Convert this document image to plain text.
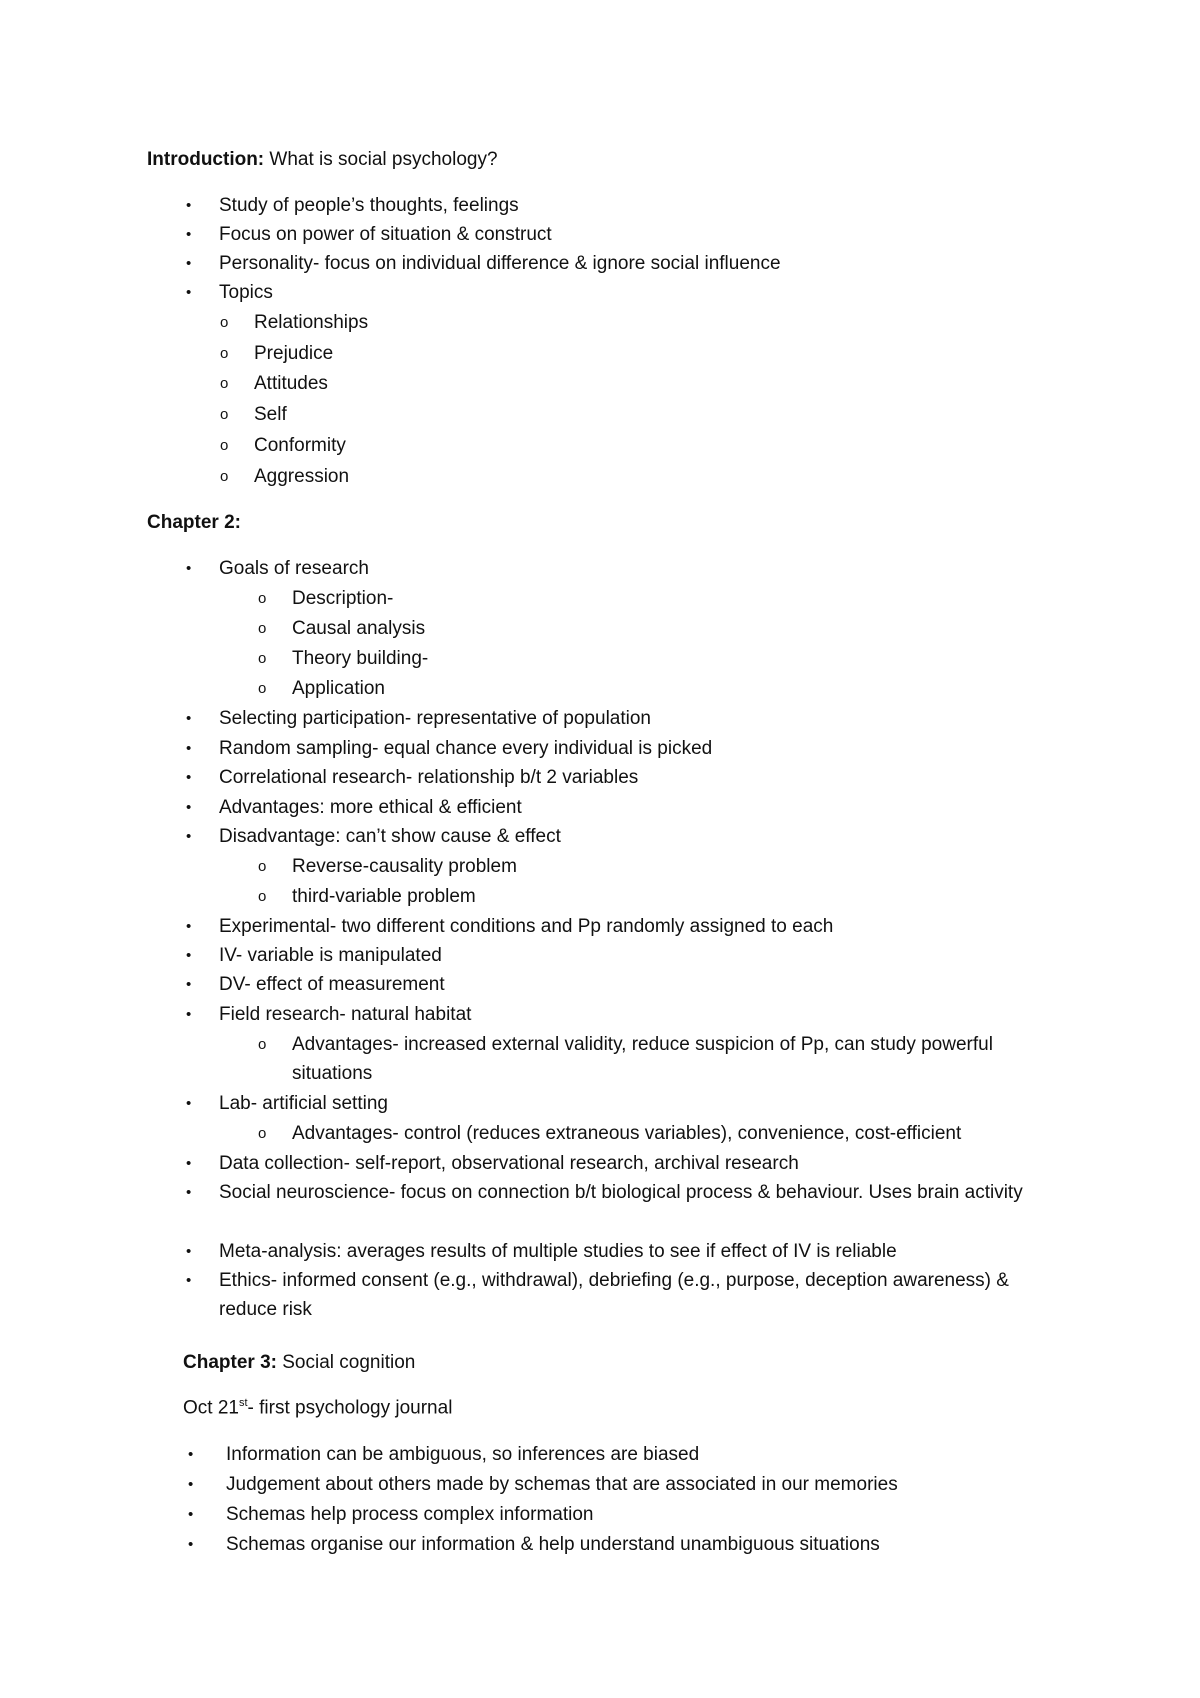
Introduction: What is social psychology?
• Study of people’s thoughts, feelings
• Focus on power of situation & construct
• Personality- focus on individual difference & ignore social influence
• Topics
o Relationships
o Prejudice
o Attitudes
o Self
o Conformity
o Aggression
Chapter 2:
• Goals of research
o Description-
o Causal analysis
o Theory building-
o Application
• Selecting participation- representative of population
• Random sampling- equal chance every individual is picked
• Correlational research- relationship b/t 2 variables
• Advantages: more ethical & efficient
• Disadvantage: can’t show cause & effect
o Reverse-causality problem
o third-variable problem
• Experimental- two different conditions and Pp randomly assigned to each
• IV- variable is manipulated
• DV- effect of measurement
• Field research- natural habitat
o Advantages- increased external validity, reduce suspicion of Pp, can study powerful situations
• Lab- artificial setting
o Advantages- control (reduces extraneous variables), convenience, cost-efficient
• Data collection- self-report, observational research, archival research
• Social neuroscience- focus on connection b/t biological process & behaviour. Uses brain activity
• Meta-analysis: averages results of multiple studies to see if effect of IV is reliable
• Ethics- informed consent (e.g., withdrawal), debriefing (e.g., purpose, deception awareness) & reduce risk
Chapter 3: Social cognition
Oct 21st- first psychology journal
• Information can be ambiguous, so inferences are biased
• Judgement about others made by schemas that are associated in our memories
• Schemas help process complex information
• Schemas organise our information & help understand unambiguous situations
